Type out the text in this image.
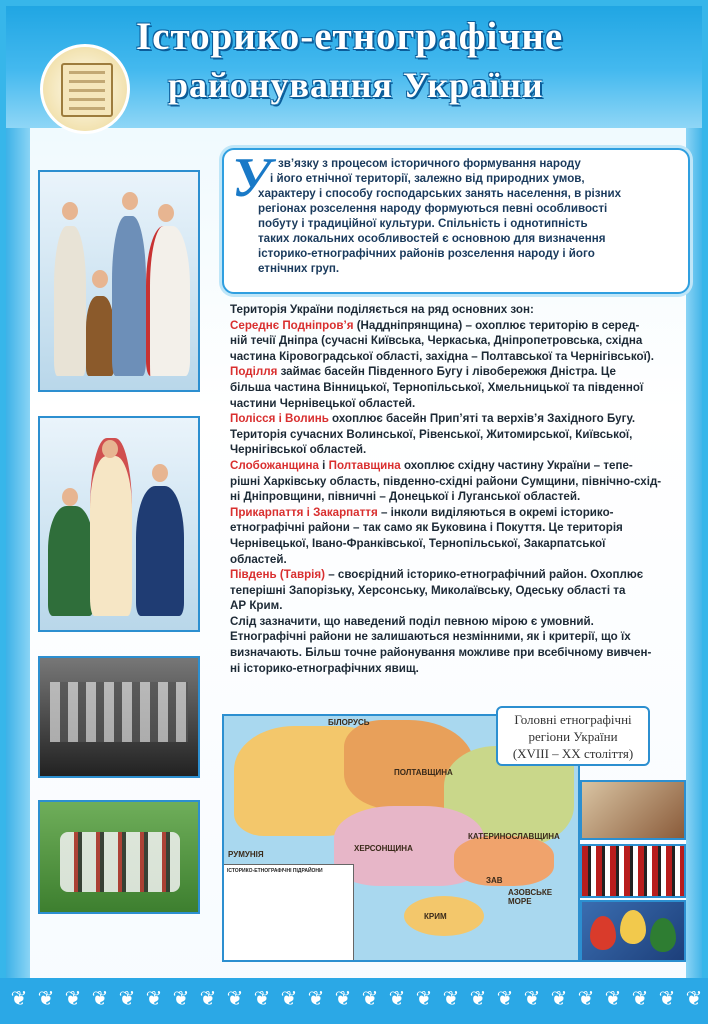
Історико-етнографічне
районування України
У зв’язку з процесом історичного формування народу
і його етнічної території, залежно від природних умов,
характеру і способу господарських занять населення, в різних
регіонах розселення народу формуються певні особливості
побуту і традиційної культури. Спільність і однотипність
таких локальних особливостей є основною для визначення
історико-етнографічних районів розселення народу і його
етнічних груп.

Територія України поділяється на ряд основних зон:

Середнє Подніпров’я (Наддніпрянщина) – охоплює територію в серед-
ній течії Дніпра (сучасні Київська, Черкаська, Дніпропетровська, східна
частина Кіровоградської області, західна – Полтавської та Чернігівської).

Поділля займає басейн Південного Бугу і лівобережжя Дністра. Це
більша частина Вінницької, Тернопільської, Хмельницької та південної
частини Чернівецької областей.

Полісся і Волинь охоплює басейн Прип’яті та верхів’я Західного Бугу.
Територія сучасних Волинської, Рівенської, Житомирської, Київської,
Чернігівської областей.

Слобожанщина і Полтавщина охоплює східну частину України – тепе-
рішні Харківську область, південно-східні райони Сумщини, північно-схід-
ні Дніпровщини, півничні – Донецької і Луганської областей.

Прикарпаття і Закарпаття – інколи виділяються в окремі історико-
етнографічні райони – так само як Буковина і Покуття. Це територія
Чернівецької, Івано-Франківської, Тернопільської, Закарпатської
областей.

Південь (Таврія) – своєрідний історико-етнографічний район. Охоплює
теперішні Запорізьку, Херсонську, Миколаївську, Одеську області та
АР Крим.

Слід зазначити, що наведений поділ певною мірою є умовний.
Етнографічні райони не залишаються незмінними, як і критерії, що їх
визначають. Більш точне районування можливе при всебічному вивчен-
ні історико-етнографічних явищ.

БІЛОРУСЬ
ПОЛТАВЩИНА
КАТЕРИНОСЛАВЩИНА
ХЕРСОНЩИНА
ЗАВ
АЗОВСЬКЕ МОРЕ
КРИМ
РУМУНІЯ
ІСТОРИКО-ЕТНОГРАФІЧНІ ПІДРАЙОНИ
Головні етнографічні
регіони України
(XVIII – XX століття)
❦ ❦ ❦ ❦ ❦ ❦ ❦ ❦ ❦ ❦ ❦ ❦ ❦ ❦ ❦ ❦ ❦ ❦ ❦ ❦ ❦ ❦ ❦ ❦ ❦ ❦
